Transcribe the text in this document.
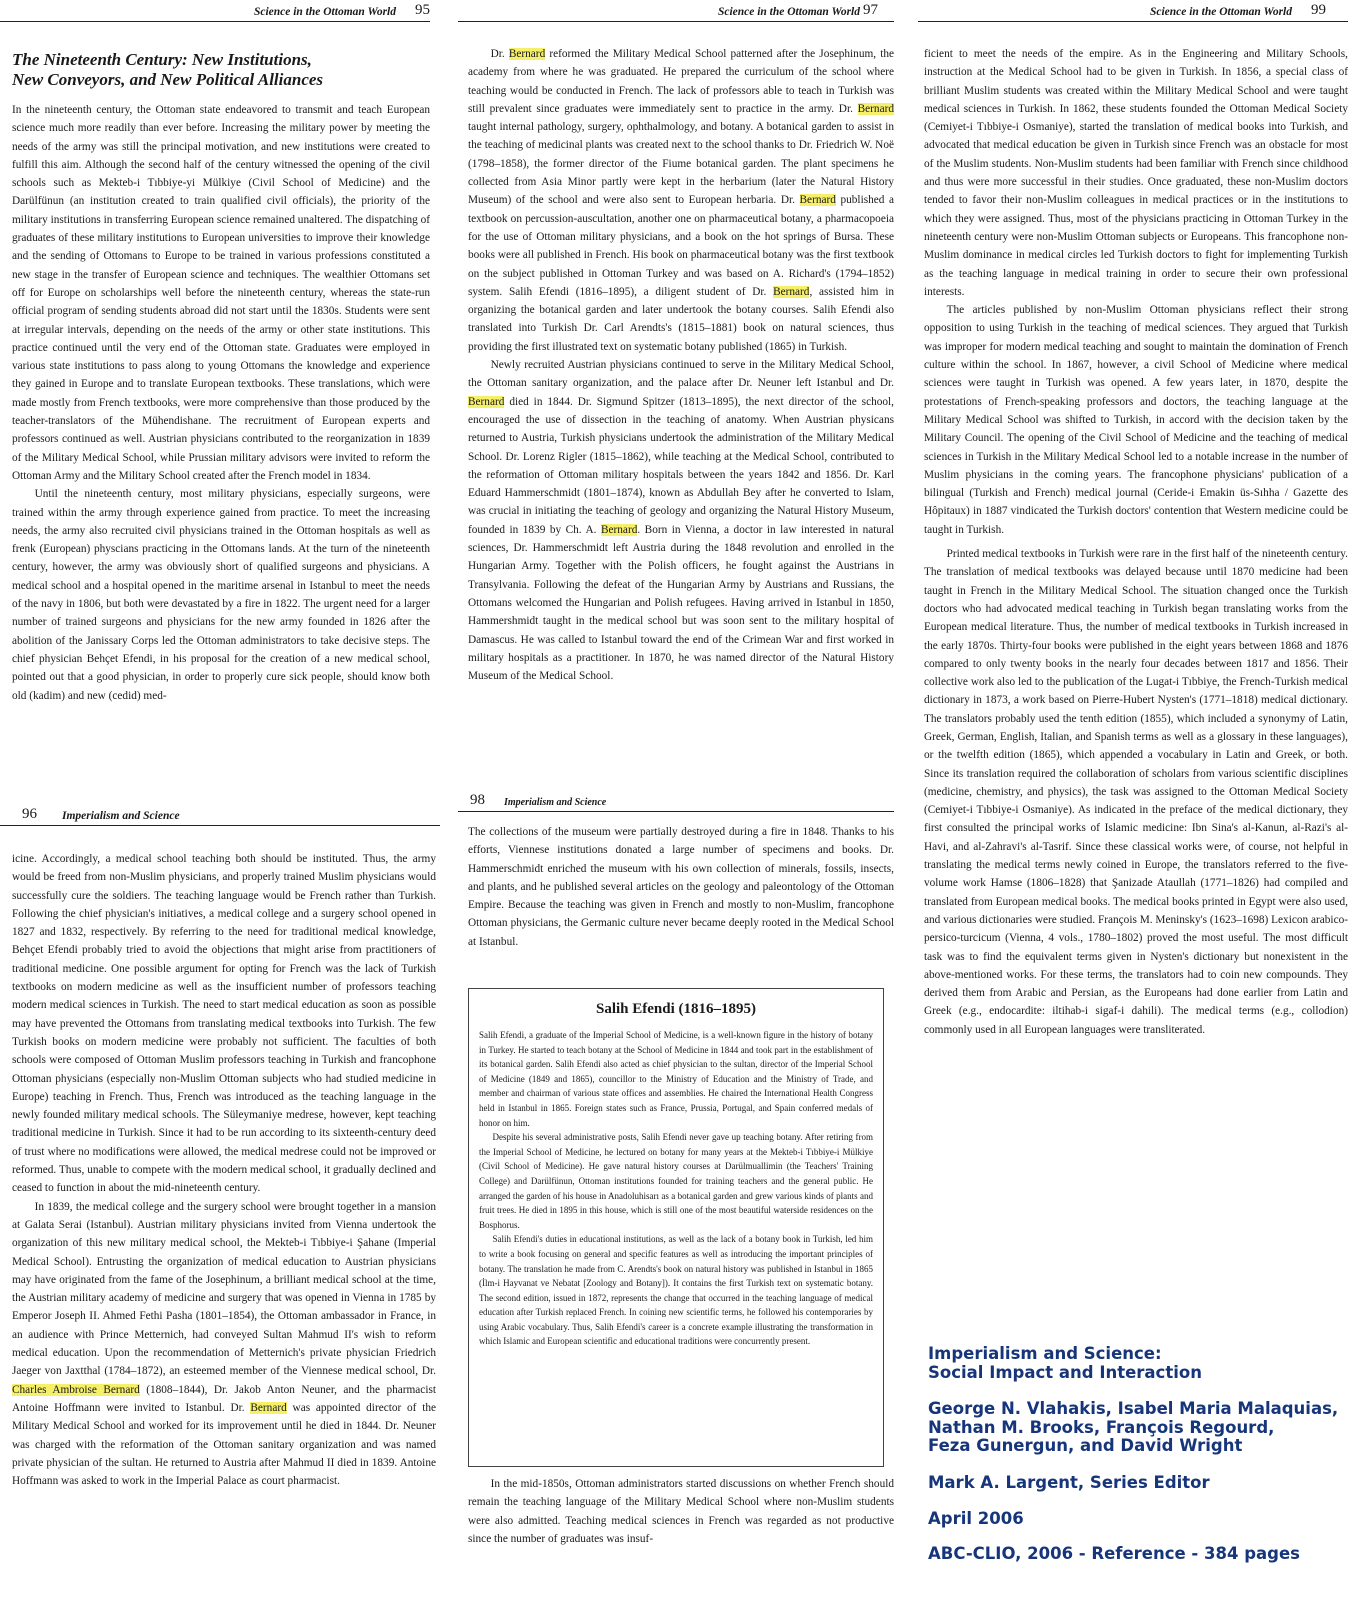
Science in the Ottoman World 95
The Nineteenth Century: New Institutions,
New Conveyors, and New Political Alliances

In the nineteenth century, the Ottoman state endeavored to transmit and teach European science much more readily than ever before. Increasing the military power by meeting the needs of the army was still the principal motivation, and new institutions were created to fulfill this aim. Although the second half of the century witnessed the opening of the civil schools such as Mekteb-i Tıbbiye-yi Mülkiye (Civil School of Medicine) and the Darülfünun (an institution created to train qualified civil officials), the priority of the military institutions in transferring European science remained unaltered. The dispatching of graduates of these military institutions to European universities to improve their knowledge and the sending of Ottomans to Europe to be trained in various professions constituted a new stage in the transfer of European science and techniques. The wealthier Ottomans set off for Europe on scholarships well before the nineteenth century, whereas the state-run official program of sending students abroad did not start until the 1830s. Students were sent at irregular intervals, depending on the needs of the army or other state institutions. This practice continued until the very end of the Ottoman state. Graduates were employed in various state institutions to pass along to young Ottomans the knowledge and experience they gained in Europe and to translate European textbooks. These translations, which were made mostly from French textbooks, were more comprehensive than those produced by the teacher-translators of the Mühendishane. The recruitment of European experts and professors continued as well. Austrian physicians contributed to the reorganization in 1839 of the Military Medical School, while Prussian military advisors were invited to reform the Ottoman Army and the Military School created after the French model in 1834.

Until the nineteenth century, most military physicians, especially surgeons, were trained within the army through experience gained from practice. To meet the increasing needs, the army also recruited civil physicians trained in the Ottoman hospitals as well as frenk (European) physcians practicing in the Ottomans lands. At the turn of the nineteenth century, however, the army was obviously short of qualified surgeons and physicians. A medical school and a hospital opened in the maritime arsenal in Istanbul to meet the needs of the navy in 1806, but both were devastated by a fire in 1822. The urgent need for a larger number of trained surgeons and physicians for the new army founded in 1826 after the abolition of the Janissary Corps led the Ottoman administrators to take decisive steps. The chief physician Behçet Efendi, in his proposal for the creation of a new medical school, pointed out that a good physician, in order to properly cure sick people, should know both old (kadim) and new (cedid) med-

96 Imperialism and Science

icine. Accordingly, a medical school teaching both should be instituted. Thus, the army would be freed from non-Muslim physicians, and properly trained Muslim physicians would successfully cure the soldiers. The teaching language would be French rather than Turkish. Following the chief physician's initiatives, a medical college and a surgery school opened in 1827 and 1832, respectively. By referring to the need for traditional medical knowledge, Behçet Efendi probably tried to avoid the objections that might arise from practitioners of traditional medicine. One possible argument for opting for French was the lack of Turkish textbooks on modern medicine as well as the insufficient number of professors teaching modern medical sciences in Turkish. The need to start medical education as soon as possible may have prevented the Ottomans from translating medical textbooks into Turkish. The few Turkish books on modern medicine were probably not sufficient. The faculties of both schools were composed of Ottoman Muslim professors teaching in Turkish and francophone Ottoman physicians (especially non-Muslim Ottoman subjects who had studied medicine in Europe) teaching in French. Thus, French was introduced as the teaching language in the newly founded military medical schools. The Süleymaniye medrese, however, kept teaching traditional medicine in Turkish. Since it had to be run according to its sixteenth-century deed of trust where no modifications were allowed, the medical medrese could not be improved or reformed. Thus, unable to compete with the modern medical school, it gradually declined and ceased to function in about the mid-nineteenth century.

In 1839, the medical college and the surgery school were brought together in a mansion at Galata Serai (Istanbul). Austrian military physicians invited from Vienna undertook the organization of this new military medical school, the Mekteb-i Tıbbiye-i Şahane (Imperial Medical School). Entrusting the organization of medical education to Austrian physicians may have originated from the fame of the Josephinum, a brilliant medical school at the time, the Austrian military academy of medicine and surgery that was opened in Vienna in 1785 by Emperor Joseph II. Ahmed Fethi Pasha (1801–1854), the Ottoman ambassador in France, in an audience with Prince Metternich, had conveyed Sultan Mahmud II's wish to reform medical education. Upon the recommendation of Metternich's private physician Friedrich Jaeger von Jaxtthal (1784–1872), an esteemed member of the Viennese medical school, Dr. Charles Ambroise Bernard (1808–1844), Dr. Jakob Anton Neuner, and the pharmacist Antoine Hoffmann were invited to Istanbul. Dr. Bernard was appointed director of the Military Medical School and worked for its improvement until he died in 1844. Dr. Neuner was charged with the reformation of the Ottoman sanitary organization and was named private physician of the sultan. He returned to Austria after Mahmud II died in 1839. Antoine Hoffmann was asked to work in the Imperial Palace as court pharmacist.

Science in the Ottoman World 97

Dr. Bernard reformed the Military Medical School patterned after the Josephinum, the academy from where he was graduated. He prepared the curriculum of the school where teaching would be conducted in French. The lack of professors able to teach in Turkish was still prevalent since graduates were immediately sent to practice in the army. Dr. Bernard taught internal pathology, surgery, ophthalmology, and botany. A botanical garden to assist in the teaching of medicinal plants was created next to the school thanks to Dr. Friedrich W. Noë (1798–1858), the former director of the Fiume botanical garden. The plant specimens he collected from Asia Minor partly were kept in the herbarium (later the Natural History Museum) of the school and were also sent to European herbaria. Dr. Bernard published a textbook on percussion-auscultation, another one on pharmaceutical botany, a pharmacopoeia for the use of Ottoman military physicians, and a book on the hot springs of Bursa. These books were all published in French. His book on pharmaceutical botany was the first textbook on the subject published in Ottoman Turkey and was based on A. Richard's (1794–1852) system. Salih Efendi (1816–1895), a diligent student of Dr. Bernard, assisted him in organizing the botanical garden and later undertook the botany courses. Salih Efendi also translated into Turkish Dr. Carl Arendts's (1815–1881) book on natural sciences, thus providing the first illustrated text on systematic botany published (1865) in Turkish.

Newly recruited Austrian physicians continued to serve in the Military Medical School, the Ottoman sanitary organization, and the palace after Dr. Neuner left Istanbul and Dr. Bernard died in 1844. Dr. Sigmund Spitzer (1813–1895), the next director of the school, encouraged the use of dissection in the teaching of anatomy. When Austrian physicans returned to Austria, Turkish physicians undertook the administration of the Military Medical School. Dr. Lorenz Rigler (1815–1862), while teaching at the Medical School, contributed to the reformation of Ottoman military hospitals between the years 1842 and 1856. Dr. Karl Eduard Hammerschmidt (1801–1874), known as Abdullah Bey after he converted to Islam, was crucial in initiating the teaching of geology and organizing the Natural History Museum, founded in 1839 by Ch. A. Bernard. Born in Vienna, a doctor in law interested in natural sciences, Dr. Hammerschmidt left Austria during the 1848 revolution and enrolled in the Hungarian Army. Together with the Polish officers, he fought against the Austrians in Transylvania. Following the defeat of the Hungarian Army by Austrians and Russians, the Ottomans welcomed the Hungarian and Polish refugees. Having arrived in Istanbul in 1850, Hammershmidt taught in the medical school but was soon sent to the military hospital of Damascus. He was called to Istanbul toward the end of the Crimean War and first worked in military hospitals as a practitioner. In 1870, he was named director of the Natural History Museum of the Medical School.

98 Imperialism and Science

The collections of the museum were partially destroyed during a fire in 1848. Thanks to his efforts, Viennese institutions donated a large number of specimens and books. Dr. Hammerschmidt enriched the museum with his own collection of minerals, fossils, insects, and plants, and he published several articles on the geology and paleontology of the Ottoman Empire. Because the teaching was given in French and mostly to non-Muslim, francophone Ottoman physicians, the Germanic culture never became deeply rooted in the Medical School at Istanbul.

Salih Efendi (1816–1895)

Salih Efendi, a graduate of the Imperial School of Medicine, is a well-known figure in the history of botany in Turkey. He started to teach botany at the School of Medicine in 1844 and took part in the establishment of its botanical garden. Salih Efendi also acted as chief physician to the sultan, director of the Imperial School of Medicine (1849 and 1865), councillor to the Ministry of Education and the Ministry of Trade, and member and chairman of various state offices and assemblies. He chaired the International Health Congress held in Istanbul in 1865. Foreign states such as France, Prussia, Portugal, and Spain conferred medals of honor on him.

Despite his several administrative posts, Salih Efendi never gave up teaching botany. After retiring from the Imperial School of Medicine, he lectured on botany for many years at the Mekteb-i Tıbbiye-i Mülkiye (Civil School of Medicine). He gave natural history courses at Darülmuallimin (the Teachers' Training College) and Darülfünun, Ottoman institutions founded for training teachers and the general public. He arranged the garden of his house in Anadoluhisarı as a botanical garden and grew various kinds of plants and fruit trees. He died in 1895 in this house, which is still one of the most beautiful waterside residences on the Bosphorus.

Salih Efendi's duties in educational institutions, as well as the lack of a botany book in Turkish, led him to write a book focusing on general and specific features as well as introducing the important principles of botany. The translation he made from C. Arendts's book on natural history was published in Istanbul in 1865 (İlm-i Hayvanat ve Nebatat [Zoology and Botany]). It contains the first Turkish text on systematic botany. The second edition, issued in 1872, represents the change that occurred in the teaching language of medical education after Turkish replaced French. In coining new scientific terms, he followed his contemporaries by using Arabic vocabulary. Thus, Salih Efendi's career is a concrete example illustrating the transformation in which Islamic and European scientific and educational traditions were concurrently present.

In the mid-1850s, Ottoman administrators started discussions on whether French should remain the teaching language of the Military Medical School where non-Muslim students were also admitted. Teaching medical sciences in French was regarded as not productive since the number of graduates was insuf-

Science in the Ottoman World 99

ficient to meet the needs of the empire. As in the Engineering and Military Schools, instruction at the Medical School had to be given in Turkish. In 1856, a special class of brilliant Muslim students was created within the Military Medical School and were taught medical sciences in Turkish. In 1862, these students founded the Ottoman Medical Society (Cemiyet-i Tıbbiye-i Osmaniye), started the translation of medical books into Turkish, and advocated that medical education be given in Turkish since French was an obstacle for most of the Muslim students. Non-Muslim students had been familiar with French since childhood and thus were more successful in their studies. Once graduated, these non-Muslim doctors tended to favor their non-Muslim colleagues in medical practices or in the institutions to which they were assigned. Thus, most of the physicians practicing in Ottoman Turkey in the nineteenth century were non-Muslim Ottoman subjects or Europeans. This francophone non-Muslim dominance in medical circles led Turkish doctors to fight for implementing Turkish as the teaching language in medical training in order to secure their own professional interests.

The articles published by non-Muslim Ottoman physicians reflect their strong opposition to using Turkish in the teaching of medical sciences. They argued that Turkish was improper for modern medical teaching and sought to maintain the domination of French culture within the school. In 1867, however, a civil School of Medicine where medical sciences were taught in Turkish was opened. A few years later, in 1870, despite the protestations of French-speaking professors and doctors, the teaching language at the Military Medical School was shifted to Turkish, in accord with the decision taken by the Military Council. The opening of the Civil School of Medicine and the teaching of medical sciences in Turkish in the Military Medical School led to a notable increase in the number of Muslim physicians in the coming years. The francophone physicians' publication of a bilingual (Turkish and French) medical journal (Ceride-i Emakin üs-Sıhha / Gazette des Hôpitaux) in 1887 vindicated the Turkish doctors' contention that Western medicine could be taught in Turkish.

Printed medical textbooks in Turkish were rare in the first half of the nineteenth century. The translation of medical textbooks was delayed because until 1870 medicine had been taught in French in the Military Medical School. The situation changed once the Turkish doctors who had advocated medical teaching in Turkish began translating works from the European medical literature. Thus, the number of medical textbooks in Turkish increased in the early 1870s. Thirty-four books were published in the eight years between 1868 and 1876 compared to only twenty books in the nearly four decades between 1817 and 1856. Their collective work also led to the publication of the Lugat-i Tıbbiye, the French-Turkish medical dictionary in 1873, a work based on Pierre-Hubert Nysten's (1771–1818) medical dictionary. The translators probably used the tenth edition (1855), which included a synonymy of Latin, Greek, German, English, Italian, and Spanish terms as well as a glossary in these languages), or the twelfth edition (1865), which appended a vocabulary in Latin and Greek, or both. Since its translation required the collaboration of scholars from various scientific disciplines (medicine, chemistry, and physics), the task was assigned to the Ottoman Medical Society (Cemiyet-i Tıbbiye-i Osmaniye). As indicated in the preface of the medical dictionary, they first consulted the principal works of Islamic medicine: Ibn Sina's al-Kanun, al-Razi's al-Havi, and al-Zahravi's al-Tasrif. Since these classical works were, of course, not helpful in translating the medical terms newly coined in Europe, the translators referred to the five-volume work Hamse (1806–1828) that Şanizade Ataullah (1771–1826) had compiled and translated from European medical books. The medical books printed in Egypt were also used, and various dictionaries were studied. François M. Meninsky's (1623–1698) Lexicon arabico-persico-turcicum (Vienna, 4 vols., 1780–1802) proved the most useful. The most difficult task was to find the equivalent terms given in Nysten's dictionary but nonexistent in the above-mentioned works. For these terms, the translators had to coin new compounds. They derived them from Arabic and Persian, as the Europeans had done earlier from Latin and Greek (e.g., endocardite: iltihab-i sigaf-i dahili). The medical terms (e.g., collodion) commonly used in all European languages were transliterated.

Imperialism and Science:
Social Impact and Interaction
George N. Vlahakis, Isabel Maria Malaquias,
Nathan M. Brooks, François Regourd,
Feza Gunergun, and David Wright
Mark A. Largent, Series Editor
April 2006
ABC-CLIO, 2006 - Reference - 384 pages
